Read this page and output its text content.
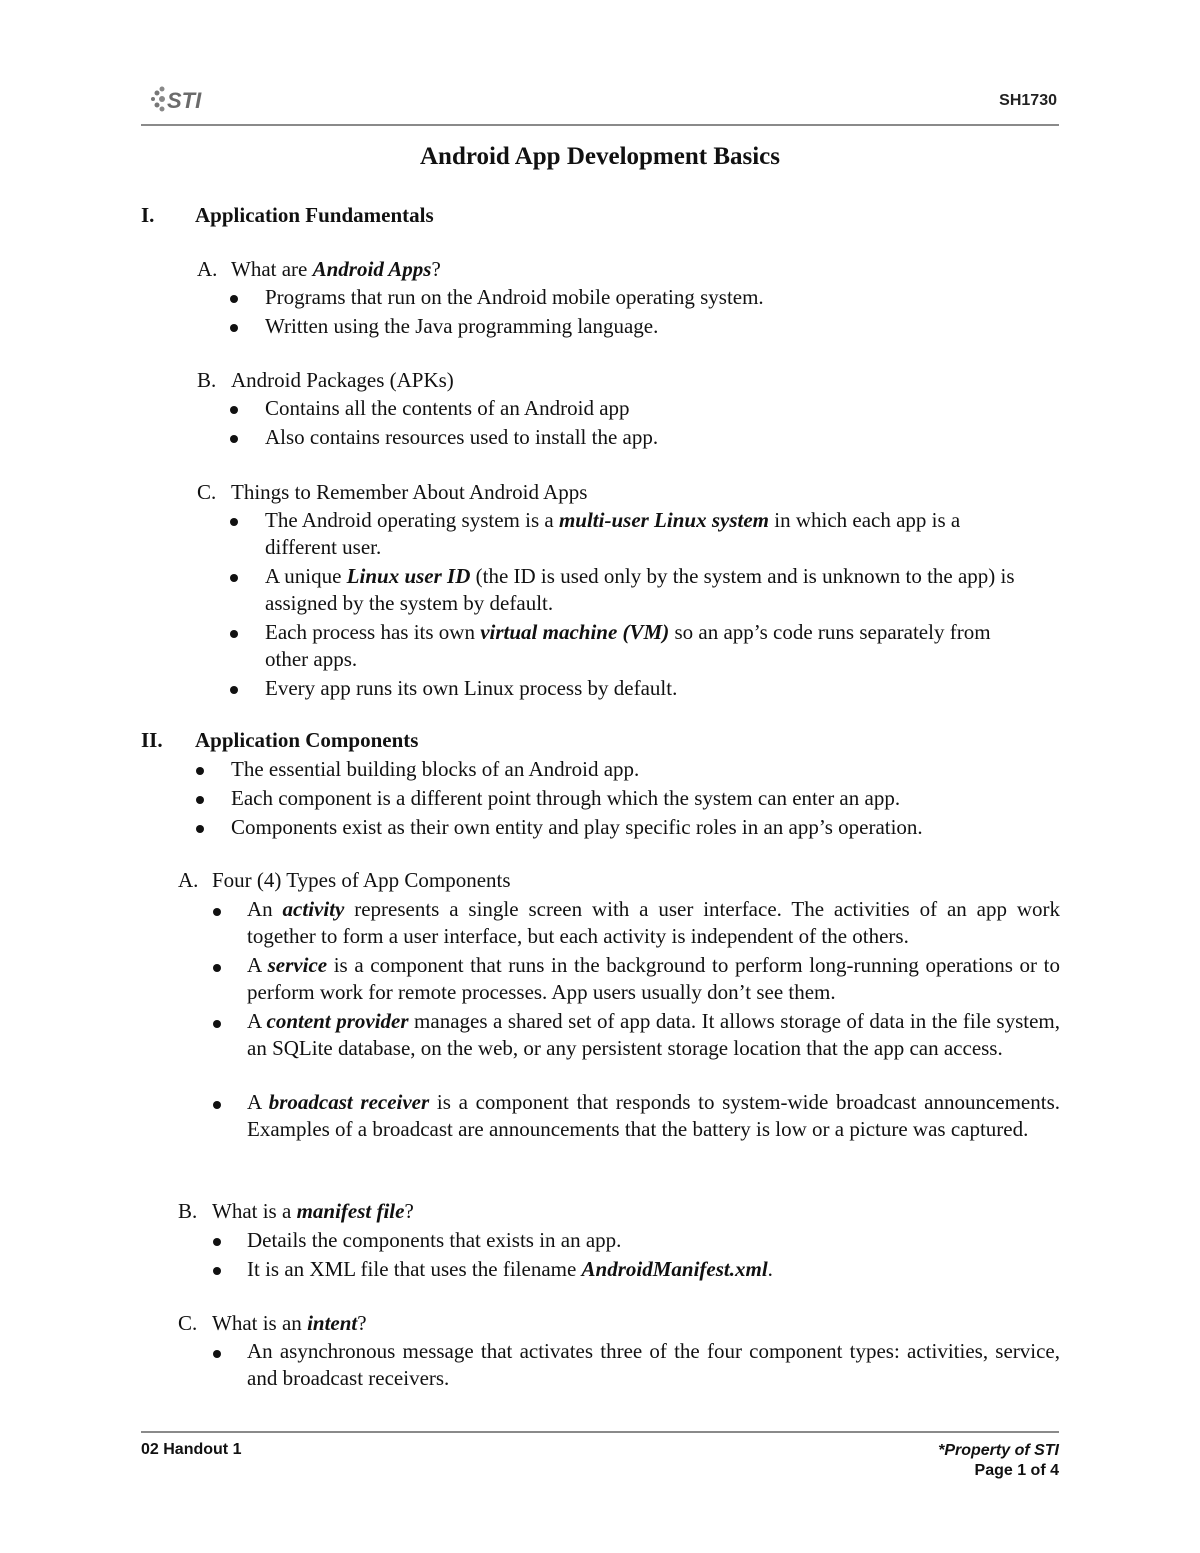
STI	SH1730
Android App Development Basics
I. Application Fundamentals
A. What are Android Apps?
Programs that run on the Android mobile operating system.
Written using the Java programming language.
B. Android Packages (APKs)
Contains all the contents of an Android app
Also contains resources used to install the app.
C. Things to Remember About Android Apps
The Android operating system is a multi-user Linux system in which each app is a different user.
A unique Linux user ID (the ID is used only by the system and is unknown to the app) is assigned by the system by default.
Each process has its own virtual machine (VM) so an app’s code runs separately from other apps.
Every app runs its own Linux process by default.
II. Application Components
The essential building blocks of an Android app.
Each component is a different point through which the system can enter an app.
Components exist as their own entity and play specific roles in an app’s operation.
A. Four (4) Types of App Components
An activity represents a single screen with a user interface. The activities of an app work together to form a user interface, but each activity is independent of the others.
A service is a component that runs in the background to perform long-running operations or to perform work for remote processes. App users usually don’t see them.
A content provider manages a shared set of app data. It allows storage of data in the file system, an SQLite database, on the web, or any persistent storage location that the app can access.
A broadcast receiver is a component that responds to system-wide broadcast announcements. Examples of a broadcast are announcements that the battery is low or a picture was captured.
B. What is a manifest file?
Details the components that exists in an app.
It is an XML file that uses the filename AndroidManifest.xml.
C. What is an intent?
An asynchronous message that activates three of the four component types: activities, service, and broadcast receivers.
02 Handout 1	*Property of STI
Page 1 of 4
